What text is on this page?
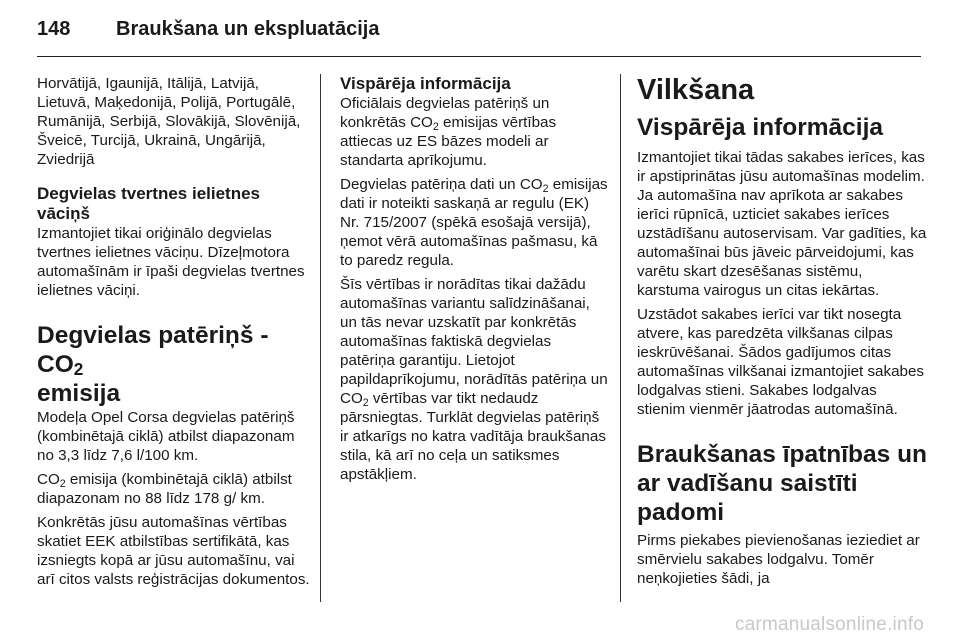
148 Braukšana un ekspluatācija

Horvātijā, Igaunijā, Itālijā, Latvijā, Lietuvā, Maķedonijā, Polijā, Portugālē, Rumānijā, Serbijā, Slovākijā, Slovēnijā, Šveicē, Turcijā, Ukrainā, Ungārijā, Zviedrijā

Degvielas tvertnes ielietnes vāciņš

Izmantojiet tikai oriģinālo degvielas tvertnes ielietnes vāciņu. Dīzeļmotora automašīnām ir īpaši degvielas tvertnes ielietnes vāciņi.

Degvielas patēriņš - $CO_2$
emisija

Modeļa Opel Corsa degvielas patēriņš (kombinētajā ciklā) atbilst diapazonam no 3,3 līdz 7,6 l/100 km.

$CO_2$ emisija (kombinētajā ciklā) atbilst diapazonam no 88 līdz 178 g/ km.

Konkrētās jūsu automašīnas vērtības skatiet EEK atbilstības sertifikātā, kas izsniegts kopā ar jūsu automašīnu, vai arī citos valsts reģistrācijas dokumentos.

Vispārēja informācija

Oficiālais degvielas patēriņš un konkrētās $CO_2$ emisijas vērtības attiecas uz ES bāzes modeli ar standarta aprīkojumu.

Degvielas patēriņa dati un $CO_2$ emisijas dati ir noteikti saskaņā ar regulu (EK) Nr. 715/2007 (spēkā esošajā versijā), ņemot vērā automašīnas pašmasu, kā to paredz regula.

Šīs vērtības ir norādītas tikai dažādu automašīnas variantu salīdzināšanai, un tās nevar uzskatīt par konkrētās automašīnas faktiskā degvielas patēriņa garantiju. Lietojot papildaprīkojumu, norādītās patēriņa un $CO_2$ vērtības var tikt nedaudz pārsniegtas. Turklāt degvielas patēriņš ir atkarīgs no katra vadītāja braukšanas stila, kā arī no ceļa un satiksmes apstākļiem.

Vilkšana
Vispārēja informācija

Izmantojiet tikai tādas sakabes ierīces, kas ir apstiprinātas jūsu automašīnas modelim. Ja automašīna nav aprīkota ar sakabes ierīci rūpnīcā, uzticiet sakabes ierīces uzstādīšanu autoservisam. Var gadīties, ka automašīnai būs jāveic pārveidojumi, kas varētu skart dzesēšanas sistēmu, karstuma vairogus un citas iekārtas.

Uzstādot sakabes ierīci var tikt nosegta atvere, kas paredzēta vilkšanas cilpas ieskrūvēšanai. Šādos gadījumos citas automašīnas vilkšanai izmantojiet sakabes lodgalvas stieni. Sakabes lodgalvas stienim vienmēr jāatrodas automašīnā.

Braukšanas īpatnības un ar vadīšanu saistīti padomi

Pirms piekabes pievienošanas ieziediet ar smērvielu sakabes lodgalvu. Tomēr neņkojieties šādi, ja

carmanualsonline.info
